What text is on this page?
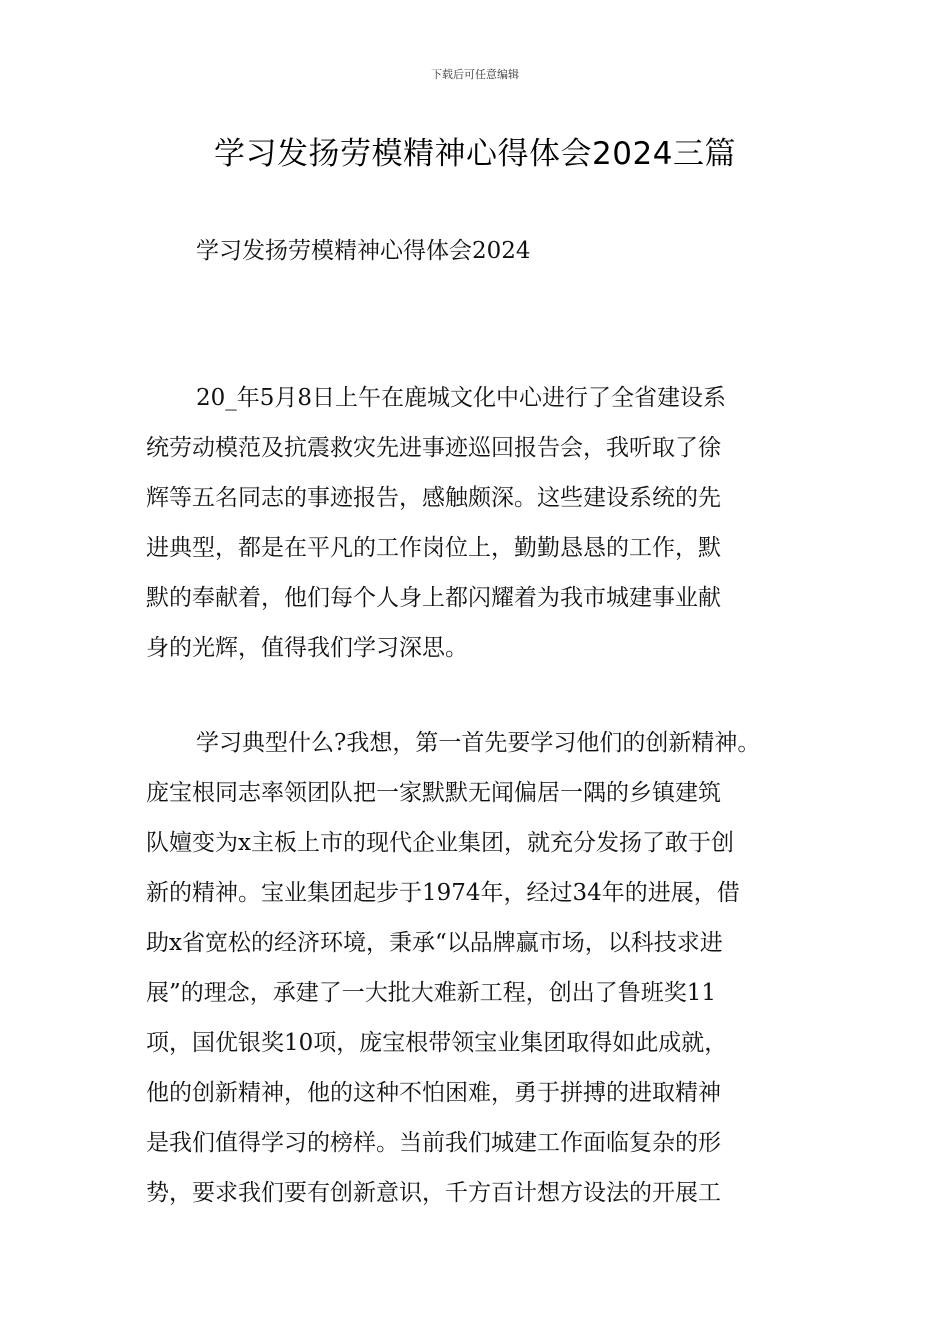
下载后可任意编辑
学习发扬劳模精神心得体会2024三篇
学习发扬劳模精神心得体会2024
20_年5月8日上午在鹿城文化中心进行了全省建设系
统劳动模范及抗震救灾先进事迹巡回报告会，我听取了徐
辉等五名同志的事迹报告，感触颇深。这些建设系统的先
进典型，都是在平凡的工作岗位上，勤勤恳恳的工作，默
默的奉献着，他们每个人身上都闪耀着为我市城建事业献
身的光辉，值得我们学习深思。
学习典型什么?我想，第一首先要学习他们的创新精神。
庞宝根同志率领团队把一家默默无闻偏居一隅的乡镇建筑
队嬗变为x主板上市的现代企业集团，就充分发扬了敢于创
新的精神。宝业集团起步于1974年，经过34年的进展，借
助x省宽松的经济环境，秉承“以品牌赢市场，以科技求进
展”的理念，承建了一大批大难新工程，创出了鲁班奖11
项，国优银奖10项，庞宝根带领宝业集团取得如此成就，
他的创新精神，他的这种不怕困难，勇于拼搏的进取精神
是我们值得学习的榜样。当前我们城建工作面临复杂的形
势，要求我们要有创新意识，千方百计想方设法的开展工
